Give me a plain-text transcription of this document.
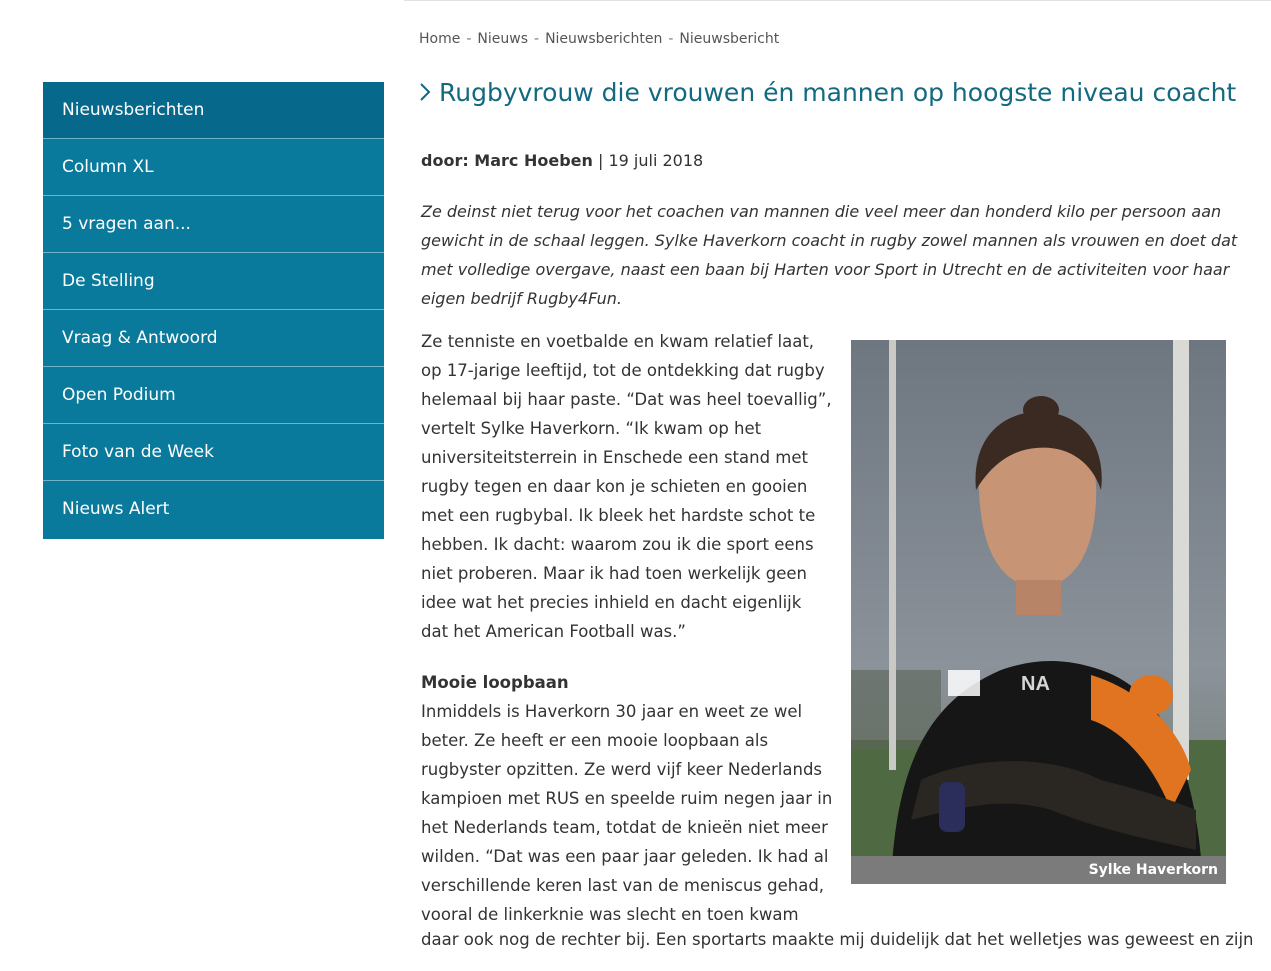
Home - Nieuws - Nieuwsberichten - Nieuwsbericht
Nieuwsberichten
Column XL
5 vragen aan...
De Stelling
Vraag & Antwoord
Open Podium
Foto van de Week
Nieuws Alert
Rugbyvrouw die vrouwen én mannen op hoogste niveau coacht
door: Marc Hoeben | 19 juli 2018

Ze deinst niet terug voor het coachen van mannen die veel meer dan honderd kilo per persoon aan gewicht in de schaal leggen. Sylke Haverkorn coacht in rugby zowel mannen als vrouwen en doet dat met volledige overgave, naast een baan bij Harten voor Sport in Utrecht en de activiteiten voor haar eigen bedrijf Rugby4Fun.

Ze tenniste en voetbalde en kwam relatief laat, op 17-jarige leeftijd, tot de ontdekking dat rugby helemaal bij haar paste. “Dat was heel toevallig”, vertelt Sylke Haverkorn. “Ik kwam op het universiteitsterrein in Enschede een stand met rugby tegen en daar kon je schieten en gooien met een rugbybal. Ik bleek het hardste schot te hebben. Ik dacht: waarom zou ik die sport eens niet proberen. Maar ik had toen werkelijk geen idee wat het precies inhield en dacht eigenlijk dat het American Football was.”

Mooie loopbaan

Inmiddels is Haverkorn 30 jaar en weet ze wel beter. Ze heeft er een mooie loopbaan als rugbyster opzitten. Ze werd vijf keer Nederlands kampioen met RUS en speelde ruim negen jaar in het Nederlands team, totdat de knieën niet meer wilden. “Dat was een paar jaar geleden. Ik had al verschillende keren last van de meniscus gehad, vooral de linkerknie was slecht en toen kwam

daar ook nog de rechter bij. Een sportarts maakte mij duidelijk dat het welletjes was geweest en zijn
NA
Sylke Haverkorn
